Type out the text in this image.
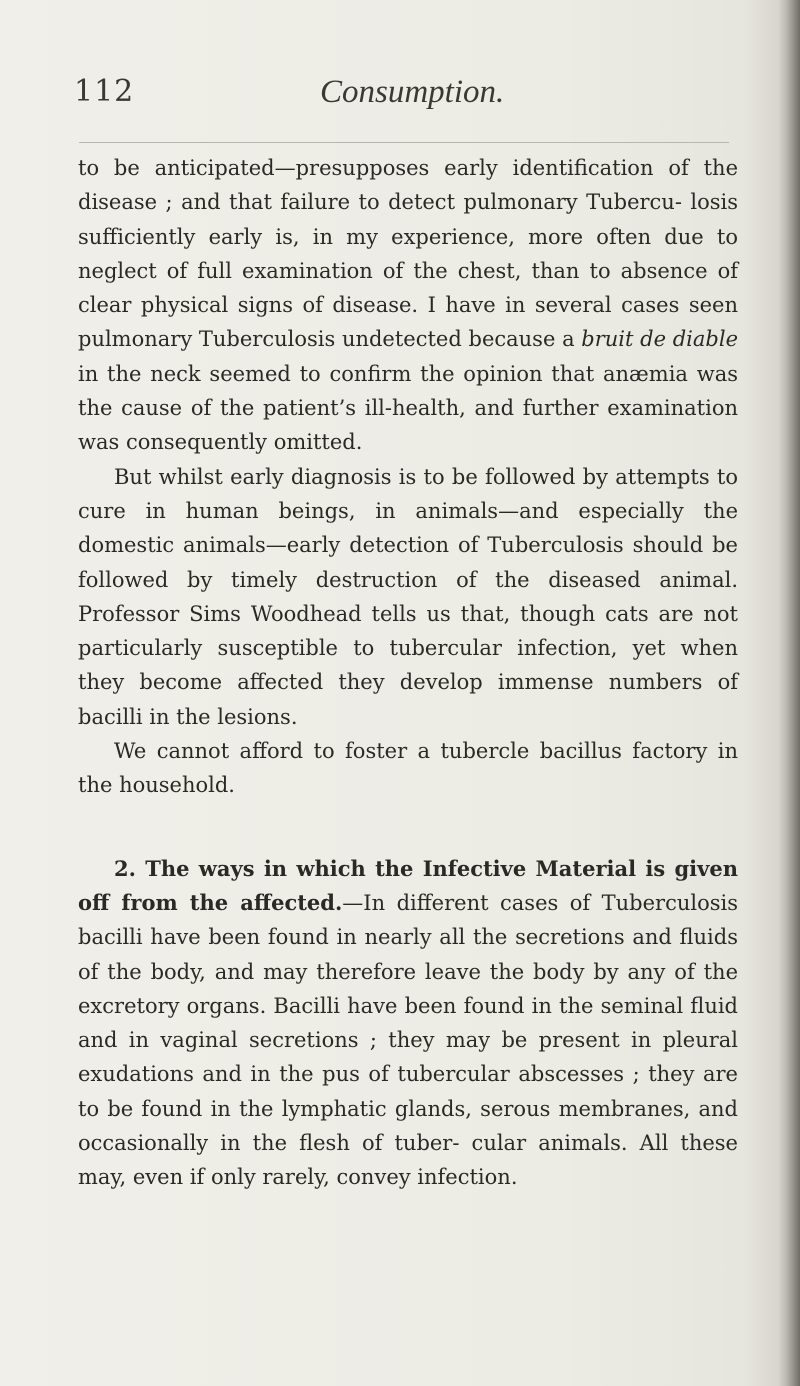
112	Consumption.

to be anticipated—presupposes early identification of the disease ; and that failure to detect pulmonary Tubercu- losis sufficiently early is, in my experience, more often due to neglect of full examination of the chest, than to absence of clear physical signs of disease. I have in several cases seen pulmonary Tuberculosis undetected because a bruit de diable in the neck seemed to confirm the opinion that anæmia was the cause of the patient’s ill-health, and further examination was consequently omitted.

But whilst early diagnosis is to be followed by attempts to cure in human beings, in animals—and especially the domestic animals—early detection of Tuberculosis should be followed by timely destruction of the diseased animal. Professor Sims Woodhead tells us that, though cats are not particularly susceptible to tubercular infection, yet when they become affected they develop immense numbers of bacilli in the lesions.

We cannot afford to foster a tubercle bacillus factory in the household.

2. The ways in which the Infective Material is given off from the affected.—In different cases of Tuberculosis bacilli have been found in nearly all the secretions and fluids of the body, and may therefore leave the body by any of the excretory organs. Bacilli have been found in the seminal fluid and in vaginal secretions ; they may be present in pleural exudations and in the pus of tubercular abscesses ; they are to be found in the lymphatic glands, serous membranes, and occasionally in the flesh of tuber- cular animals. All these may, even if only rarely, convey infection.
